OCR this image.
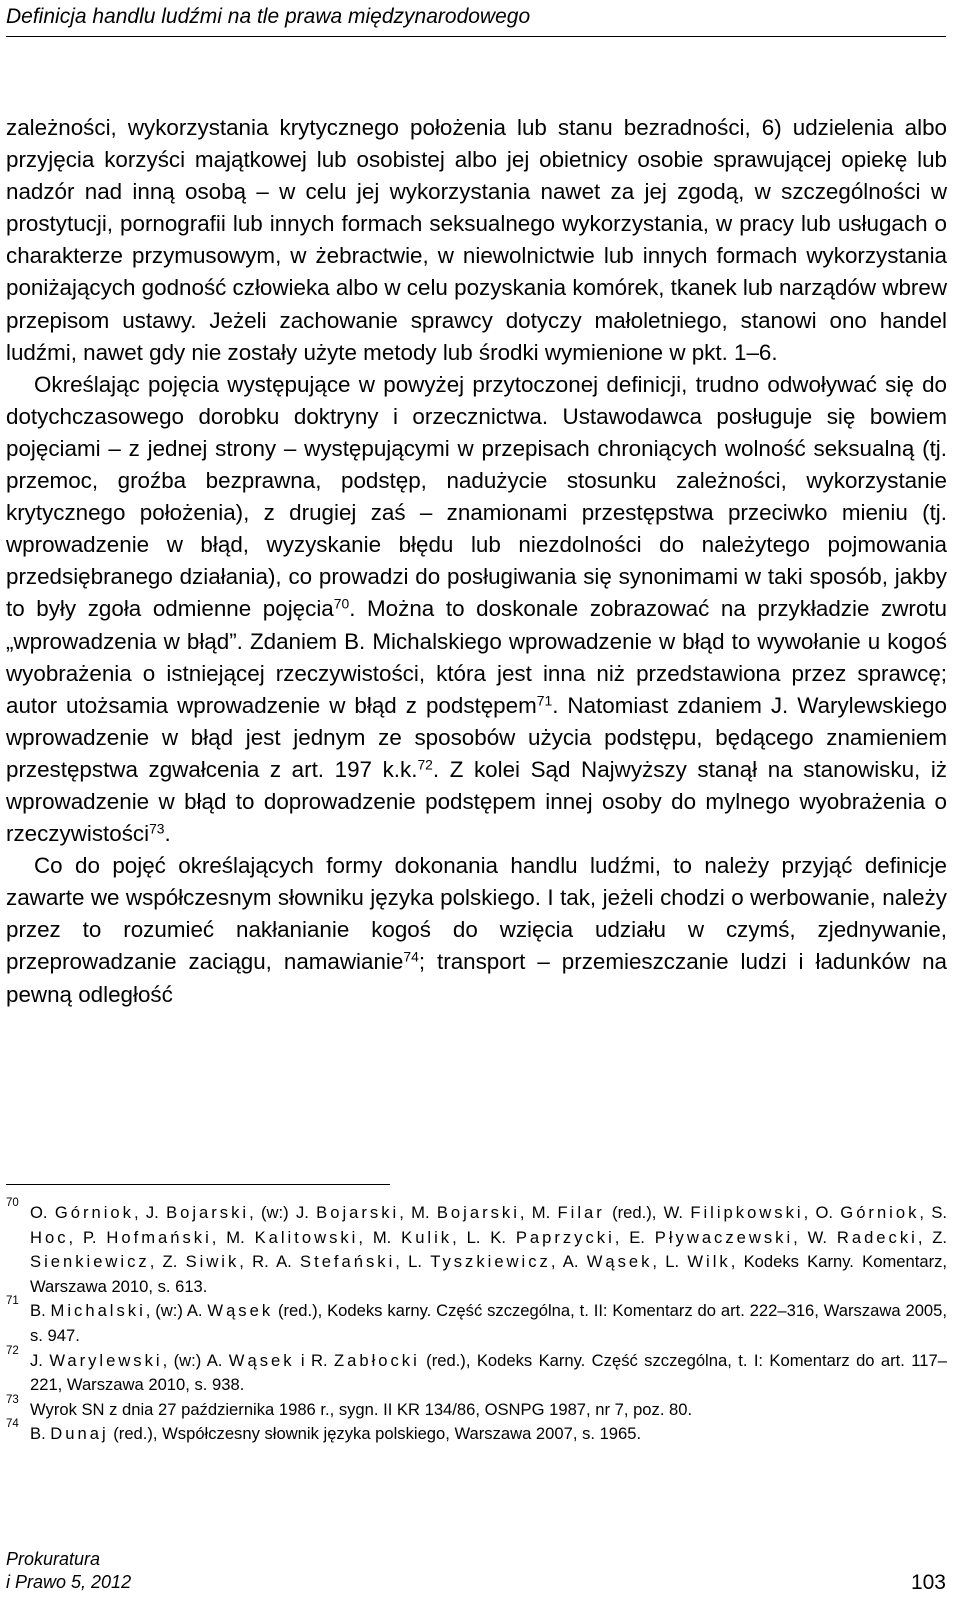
Definicja handlu ludźmi na tle prawa międzynarodowego

zależności, wykorzystania krytycznego położenia lub stanu bezradności, 6) udzielenia albo przyjęcia korzyści majątkowej lub osobistej albo jej obietnicy osobie sprawującej opiekę lub nadzór nad inną osobą – w celu jej wykorzystania nawet za jej zgodą, w szczególności w prostytucji, pornografii lub innych formach seksualnego wykorzystania, w pracy lub usługach o charakterze przymusowym, w żebractwie, w niewolnictwie lub innych formach wykorzystania poniżających godność człowieka albo w celu pozyskania komórek, tkanek lub narządów wbrew przepisom ustawy. Jeżeli zachowanie sprawcy dotyczy małoletniego, stanowi ono handel ludźmi, nawet gdy nie zostały użyte metody lub środki wymienione w pkt. 1–6.

Określając pojęcia występujące w powyżej przytoczonej definicji, trudno odwoływać się do dotychczasowego dorobku doktryny i orzecznictwa. Ustawodawca posługuje się bowiem pojęciami – z jednej strony – występującymi w przepisach chroniących wolność seksualną (tj. przemoc, groźba bezprawna, podstęp, nadużycie stosunku zależności, wykorzystanie krytycznego położenia), z drugiej zaś – znamionami przestępstwa przeciwko mieniu (tj. wprowadzenie w błąd, wyzyskanie błędu lub niezdolności do należytego pojmowania przedsiębranego działania), co prowadzi do posługiwania się synonimami w taki sposób, jakby to były zgoła odmienne pojęcia$^{70}$. Można to doskonale zobrazować na przykładzie zwrotu „wprowadzenia w błąd”. Zdaniem B. Michalskiego wprowadzenie w błąd to wywołanie u kogoś wyobrażenia o istniejącej rzeczywistości, która jest inna niż przedstawiona przez sprawcę; autor utożsamia wprowadzenie w błąd z podstępem$^{71}$. Natomiast zdaniem J. Warylewskiego wprowadzenie w błąd jest jednym ze sposobów użycia podstępu, będącego znamieniem przestępstwa zgwałcenia z art. 197 k.k.$^{72}$. Z kolei Sąd Najwyższy stanął na stanowisku, iż wprowadzenie w błąd to doprowadzenie podstępem innej osoby do mylnego wyobrażenia o rzeczywistości$^{73}$.

Co do pojęć określających formy dokonania handlu ludźmi, to należy przyjąć definicje zawarte we współczesnym słowniku języka polskiego. I tak, jeżeli chodzi o werbowanie, należy przez to rozumieć nakłanianie kogoś do wzięcia udziału w czymś, zjednywanie, przeprowadzanie zaciągu, namawianie$^{74}$; transport – przemieszczanie ludzi i ładunków na pewną odległość

70 O. Górniok, J. Bojarski, (w:) J. Bojarski, M. Bojarski, M. Filar (red.), W. Filipkowski, O. Górniok, S. Hoc, P. Hofmański, M. Kalitowski, M. Kulik, L. K. Paprzycki, E. Pływaczewski, W. Radecki, Z. Sienkiewicz, Z. Siwik, R. A. Stefański, L. Tyszkiewicz, A. Wąsek, L. Wilk, Kodeks Karny. Komentarz, Warszawa 2010, s. 613.
71 B. Michalski, (w:) A. Wąsek (red.), Kodeks karny. Część szczególna, t. II: Komentarz do art. 222–316, Warszawa 2005, s. 947.
72 J. Warylewski, (w:) A. Wąsek i R. Zabłocki (red.), Kodeks Karny. Część szczególna, t. I: Komentarz do art. 117–221, Warszawa 2010, s. 938.
73 Wyrok SN z dnia 27 października 1986 r., sygn. II KR 134/86, OSNPG 1987, nr 7, poz. 80.
74 B. Dunaj (red.), Współczesny słownik języka polskiego, Warszawa 2007, s. 1965.
Prokuratura
i Prawo 5, 2012	103
